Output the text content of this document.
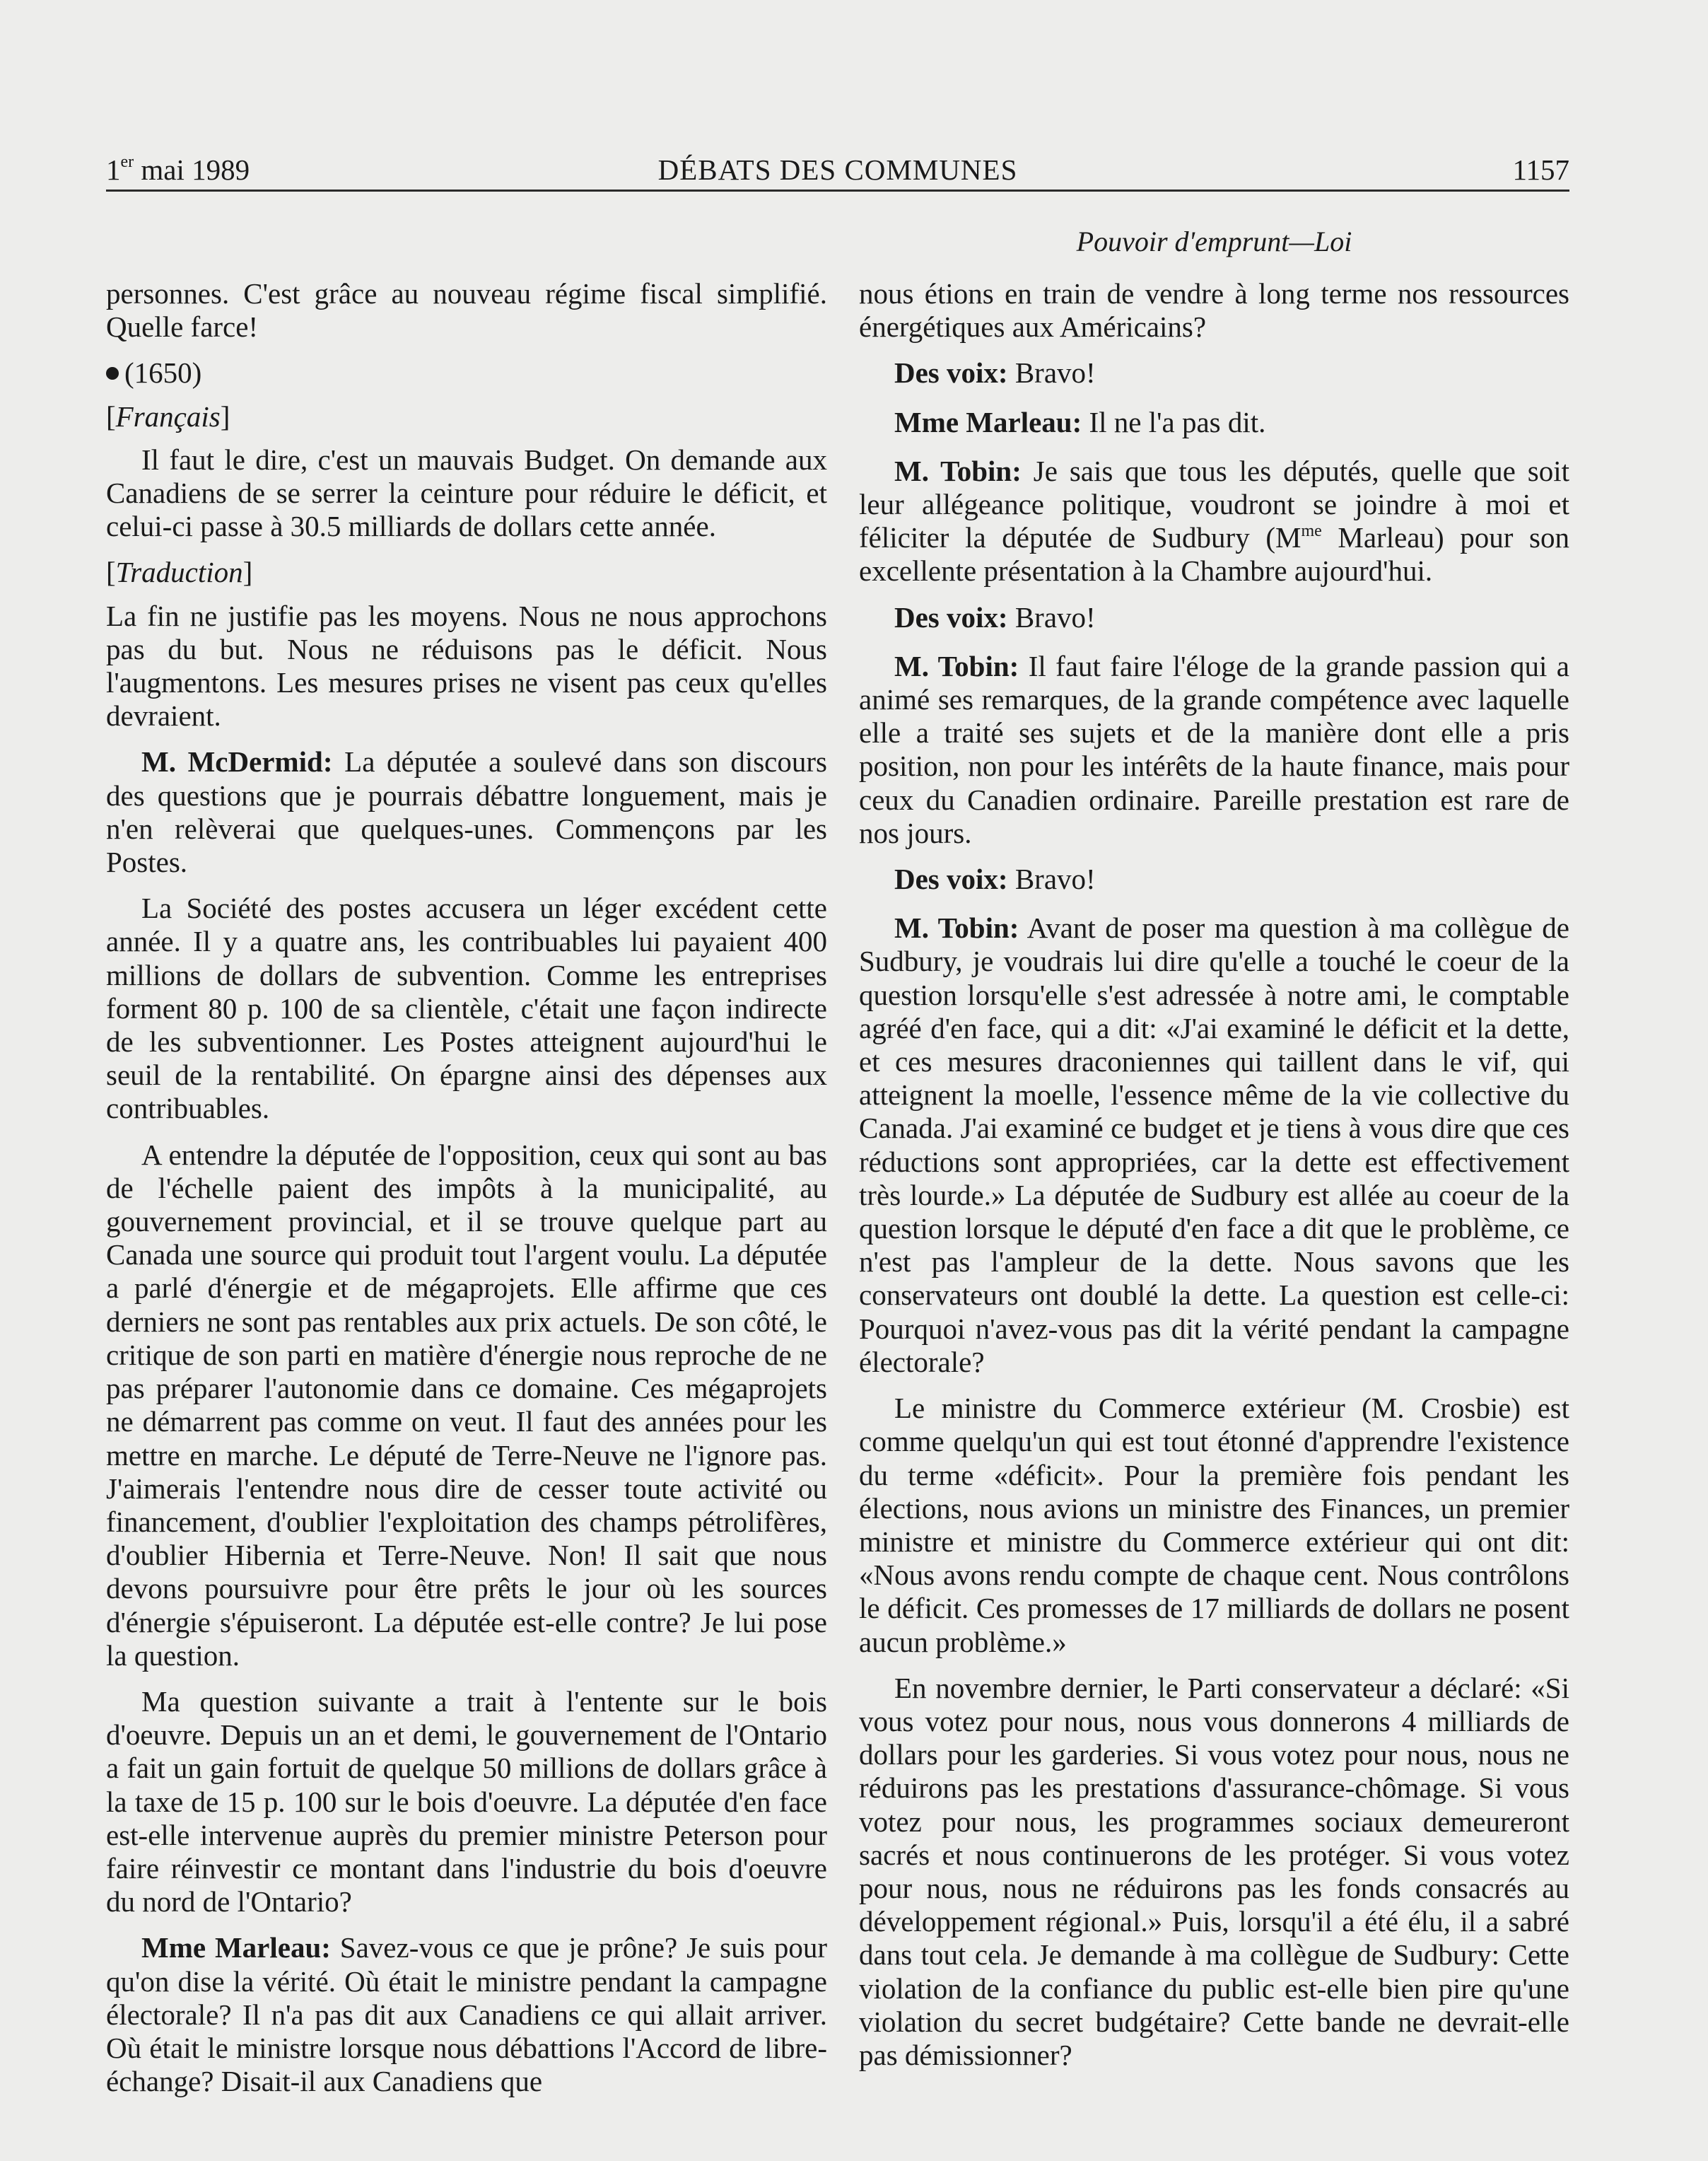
1er mai 1989	DÉBATS DES COMMUNES	1157
Pouvoir d'emprunt—Loi

personnes. C'est grâce au nouveau régime fiscal simplifié. Quelle farce!

(1650)

[Français]

Il faut le dire, c'est un mauvais Budget. On demande aux Canadiens de se serrer la ceinture pour réduire le déficit, et celui-ci passe à 30.5 milliards de dollars cette année.

[Traduction]

La fin ne justifie pas les moyens. Nous ne nous approchons pas du but. Nous ne réduisons pas le déficit. Nous l'augmentons. Les mesures prises ne visent pas ceux qu'elles devraient.

M. McDermid: La députée a soulevé dans son discours des questions que je pourrais débattre longuement, mais je n'en relèverai que quelques-unes. Commençons par les Postes.

La Société des postes accusera un léger excédent cette année. Il y a quatre ans, les contribuables lui payaient 400 millions de dollars de subvention. Comme les entreprises forment 80 p. 100 de sa clientèle, c'était une façon indirecte de les subventionner. Les Postes atteignent aujourd'hui le seuil de la rentabilité. On épargne ainsi des dépenses aux contribuables.

A entendre la députée de l'opposition, ceux qui sont au bas de l'échelle paient des impôts à la municipalité, au gouvernement provincial, et il se trouve quelque part au Canada une source qui produit tout l'argent voulu. La députée a parlé d'énergie et de mégaprojets. Elle affirme que ces derniers ne sont pas rentables aux prix actuels. De son côté, le critique de son parti en matière d'énergie nous reproche de ne pas préparer l'autonomie dans ce domaine. Ces mégaprojets ne démarrent pas comme on veut. Il faut des années pour les mettre en marche. Le député de Terre-Neuve ne l'ignore pas. J'aimerais l'entendre nous dire de cesser toute activité ou financement, d'oublier l'exploitation des champs pétrolifères, d'oublier Hibernia et Terre-Neuve. Non! Il sait que nous devons poursuivre pour être prêts le jour où les sources d'énergie s'épuiseront. La députée est-elle contre? Je lui pose la question.

Ma question suivante a trait à l'entente sur le bois d'oeuvre. Depuis un an et demi, le gouvernement de l'Ontario a fait un gain fortuit de quelque 50 millions de dollars grâce à la taxe de 15 p. 100 sur le bois d'oeuvre. La députée d'en face est-elle intervenue auprès du premier ministre Peterson pour faire réinvestir ce montant dans l'industrie du bois d'oeuvre du nord de l'Ontario?

Mme Marleau: Savez-vous ce que je prône? Je suis pour qu'on dise la vérité. Où était le ministre pendant la campagne électorale? Il n'a pas dit aux Canadiens ce qui allait arriver. Où était le ministre lorsque nous débattions l'Accord de libre-échange? Disait-il aux Canadiens que

nous étions en train de vendre à long terme nos ressources énergétiques aux Américains?

Des voix: Bravo!

Mme Marleau: Il ne l'a pas dit.

M. Tobin: Je sais que tous les députés, quelle que soit leur allégeance politique, voudront se joindre à moi et féliciter la députée de Sudbury ($M^{me}$ Marleau) pour son excellente présentation à la Chambre aujourd'hui.

Des voix: Bravo!

M. Tobin: Il faut faire l'éloge de la grande passion qui a animé ses remarques, de la grande compétence avec laquelle elle a traité ses sujets et de la manière dont elle a pris position, non pour les intérêts de la haute finance, mais pour ceux du Canadien ordinaire. Pareille prestation est rare de nos jours.

Des voix: Bravo!

M. Tobin: Avant de poser ma question à ma collègue de Sudbury, je voudrais lui dire qu'elle a touché le coeur de la question lorsqu'elle s'est adressée à notre ami, le comptable agréé d'en face, qui a dit: «J'ai examiné le déficit et la dette, et ces mesures draconiennes qui taillent dans le vif, qui atteignent la moelle, l'essence même de la vie collective du Canada. J'ai examiné ce budget et je tiens à vous dire que ces réductions sont appropriées, car la dette est effectivement très lourde.» La députée de Sudbury est allée au coeur de la question lorsque le député d'en face a dit que le problème, ce n'est pas l'ampleur de la dette. Nous savons que les conservateurs ont doublé la dette. La question est celle-ci: Pourquoi n'avez-vous pas dit la vérité pendant la campagne électorale?

Le ministre du Commerce extérieur (M. Crosbie) est comme quelqu'un qui est tout étonné d'apprendre l'existence du terme «déficit». Pour la première fois pendant les élections, nous avions un ministre des Finances, un premier ministre et ministre du Commerce extérieur qui ont dit: «Nous avons rendu compte de chaque cent. Nous contrôlons le déficit. Ces promesses de 17 milliards de dollars ne posent aucun problème.»

En novembre dernier, le Parti conservateur a déclaré: «Si vous votez pour nous, nous vous donnerons 4 milliards de dollars pour les garderies. Si vous votez pour nous, nous ne réduirons pas les prestations d'assurance-chômage. Si vous votez pour nous, les programmes sociaux demeureront sacrés et nous continuerons de les protéger. Si vous votez pour nous, nous ne réduirons pas les fonds consacrés au développement régional.» Puis, lorsqu'il a été élu, il a sabré dans tout cela. Je demande à ma collègue de Sudbury: Cette violation de la confiance du public est-elle bien pire qu'une violation du secret budgétaire? Cette bande ne devrait-elle pas démissionner?
